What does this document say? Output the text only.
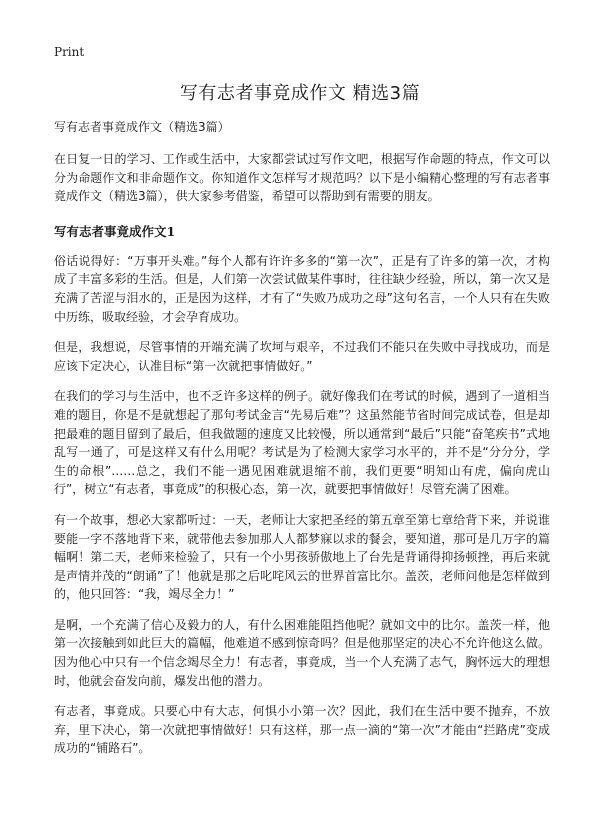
Print
写有志者事竟成作文 精选3篇
写有志者事竟成作文（精选3篇）

在日复一日的学习、工作或生活中，大家都尝试过写作文吧，根据写作命题的特点，作文可以分为命题作文和非命题作文。你知道作文怎样写才规范吗？以下是小编精心整理的写有志者事竟成作文（精选3篇），供大家参考借鉴，希望可以帮助到有需要的朋友。

写有志者事竟成作文1

俗话说得好：“万事开头难。”每个人都有许许多多的“第一次”，正是有了许多的第一次，才构成了丰富多彩的生活。但是，人们第一次尝试做某件事时，往往缺少经验，所以，第一次又是充满了苦涩与泪水的，正是因为这样，才有了“失败乃成功之母”这句名言，一个人只有在失败中历练，吸取经验，才会孕育成功。

但是，我想说，尽管事情的开端充满了坎坷与艰辛，不过我们不能只在失败中寻找成功，而是应该下定决心，认准目标“第一次就把事情做好。”

在我们的学习与生活中，也不乏许多这样的例子。就好像我们在考试的时候，遇到了一道相当难的题目，你是不是就想起了那句考试金言“先易后难”？这虽然能节省时间完成试卷，但是却把最难的题目留到了最后，但我做题的速度又比较慢，所以通常到“最后”只能“奋笔疾书”式地乱写一通了，可是这样又有什么用呢？考试是为了检测大家学习水平的，并不是“分分分，学生的命根”……总之，我们不能一遇见困难就退缩不前，我们更要“明知山有虎，偏向虎山行”，树立“有志者，事竟成”的积极心态，第一次，就要把事情做好！尽管充满了困难。

有一个故事，想必大家都听过：一天，老师让大家把圣经的第五章至第七章给背下来，并说谁要能一字不落地背下来，就带他去参加那人人都梦寐以求的餐会，要知道，那可是几万字的篇幅啊！第二天，老师来检验了，只有一个小男孩骄傲地上了台先是背诵得抑扬顿挫，再后来就是声情并茂的“朗诵”了！他就是那之后叱咤风云的世界首富比尔。盖茨，老师问他是怎样做到的，他只回答：“我，竭尽全力！”

是啊，一个充满了信心及毅力的人，有什么困难能阻挡他呢？就如文中的比尔。盖茨一样，他第一次接触到如此巨大的篇幅，他难道不感到惊奇吗？但是他那坚定的决心不允许他这么做。因为他心中只有一个信念竭尽全力！有志者，事竟成，当一个人充满了志气，胸怀远大的理想时，他就会奋发向前，爆发出他的潜力。

有志者，事竟成。只要心中有大志，何惧小小第一次？因此，我们在生活中要不抛弃，不放弃，里下决心，第一次就把事情做好！只有这样，那一点一滴的“第一次”才能由“拦路虎”变成成功的“铺路石”。
